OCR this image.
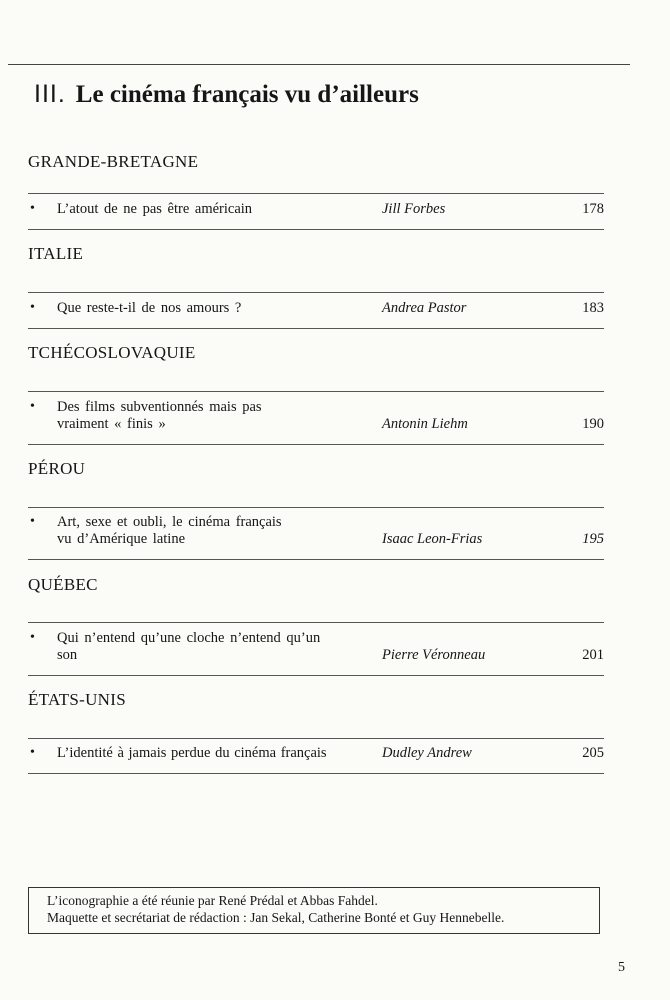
III. Le cinéma français vu d’ailleurs
GRANDE-BRETAGNE
• L’atout de ne pas être américain	Jill Forbes	178
ITALIE
• Que reste-t-il de nos amours ?	Andrea Pastor	183
TCHÉCOSLOVAQUIE
• Des films subventionnés mais pas
vraiment « finis »	Antonin Liehm	190
PÉROU
• Art, sexe et oubli, le cinéma français
vu d’Amérique latine	Isaac Leon-Frias	195
QUÉBEC
• Qui n’entend qu’une cloche n’entend qu’un
son	Pierre Véronneau	201
ÉTATS-UNIS
• L’identité à jamais perdue du cinéma français	Dudley Andrew	205
L’iconographie a été réunie par René Prédal et Abbas Fahdel.
Maquette et secrétariat de rédaction : Jan Sekal, Catherine Bonté et Guy Hennebelle.
5
